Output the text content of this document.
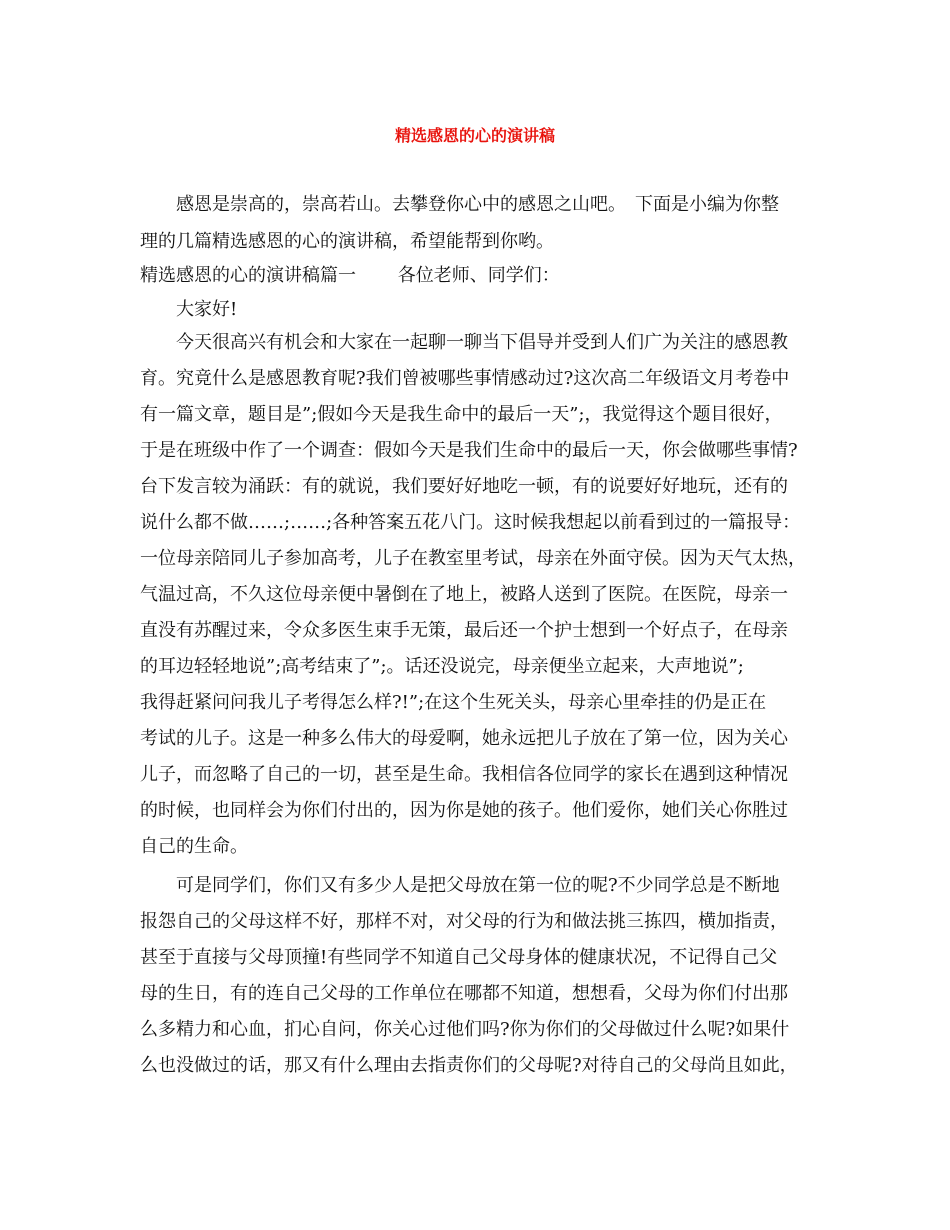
精选感恩的心的演讲稿

　　感恩是崇高的，崇高若山。去攀登你心中的感恩之山吧。　下面是小编为你整

理的几篇精选感恩的心的演讲稿，希望能帮到你哟。

精选感恩的心的演讲稿篇一　　 各位老师、同学们：

　　大家好!

　　今天很高兴有机会和大家在一起聊一聊当下倡导并受到人们广为关注的感恩教

育。究竟什么是感恩教育呢?我们曾被哪些事情感动过?这次高二年级语文月考卷中

有一篇文章，题目是”;假如今天是我生命中的最后一天”;，我觉得这个题目很好，

于是在班级中作了一个调查：假如今天是我们生命中的最后一天，你会做哪些事情?

台下发言较为涌跃：有的就说，我们要好好地吃一顿，有的说要好好地玩，还有的

说什么都不做……;……;各种答案五花八门。这时候我想起以前看到过的一篇报导：

一位母亲陪同儿子参加高考，儿子在教室里考试，母亲在外面守侯。因为天气太热，

气温过高，不久这位母亲便中暑倒在了地上，被路人送到了医院。在医院，母亲一

直没有苏醒过来，令众多医生束手无策，最后还一个护士想到一个好点子，在母亲

的耳边轻轻地说”;高考结束了”;。话还没说完，母亲便坐立起来，大声地说”;

我得赶紧问问我儿子考得怎么样?!”;在这个生死关头，母亲心里牵挂的仍是正在

考试的儿子。这是一种多么伟大的母爱啊，她永远把儿子放在了第一位，因为关心

儿子，而忽略了自己的一切，甚至是生命。我相信各位同学的家长在遇到这种情况

的时候，也同样会为你们付出的，因为你是她的孩子。他们爱你，她们关心你胜过

自己的生命。

　　可是同学们，你们又有多少人是把父母放在第一位的呢?不少同学总是不断地

报怨自己的父母这样不好，那样不对，对父母的行为和做法挑三拣四，横加指责，

甚至于直接与父母顶撞!有些同学不知道自己父母身体的健康状况，不记得自己父

母的生日，有的连自己父母的工作单位在哪都不知道，想想看，父母为你们付出那

么多精力和心血，扪心自问，你关心过他们吗?你为你们的父母做过什么呢?如果什

么也没做过的话，那又有什么理由去指责你们的父母呢?对待自己的父母尚且如此，
